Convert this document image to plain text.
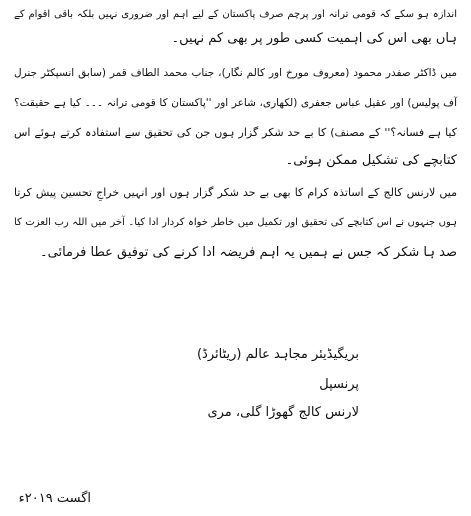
اندازہ ہو سکے کہ قومی ترانہ اور پرچم صرف پاکستان کے لیے اہم اور ضروری نہیں بلکہ باقی اقوام کے
ہاں بھی اس کی اہمیت کسی طور پر بھی کم نہیں۔
میں ڈاکٹر صفدر محمود (معروف مورخ اور کالم نگار)، جناب محمد الطاف قمر (سابق انسپکٹر جنرل
آف پولیس) اور عقیل عباس جعفری (لکھاری، شاعر اور ''پاکستان کا قومی ترانہ ۔۔۔ کیا ہے حقیقت؟
کیا ہے فسانہ؟'' کے مصنف) کا بے حد شکر گزار ہوں جن کی تحقیق سے استفادہ کرتے ہوئے اس
کتابچے کی تشکیل ممکن ہوئی۔
میں لارنس کالج کے اساتذہ کرام کا بھی بے حد شکر گزار ہوں اور انہیں خراجِ تحسین پیش کرتا
ہوں جنہوں نے اس کتابچے کی تحقیق اور تکمیل میں خاطر خواہ کردار ادا کیا۔ آخر میں اللہ رب العزت کا
صد ہا شکر کہ جس نے ہمیں یہ اہم فریضہ ادا کرنے کی توفیق عطا فرمائی۔
بریگیڈیئر مجاہد عالم (ریٹائرڈ)
پرنسپل
لارنس کالج گھوڑا گلی، مری
اگست ۲۰۱۹ء
